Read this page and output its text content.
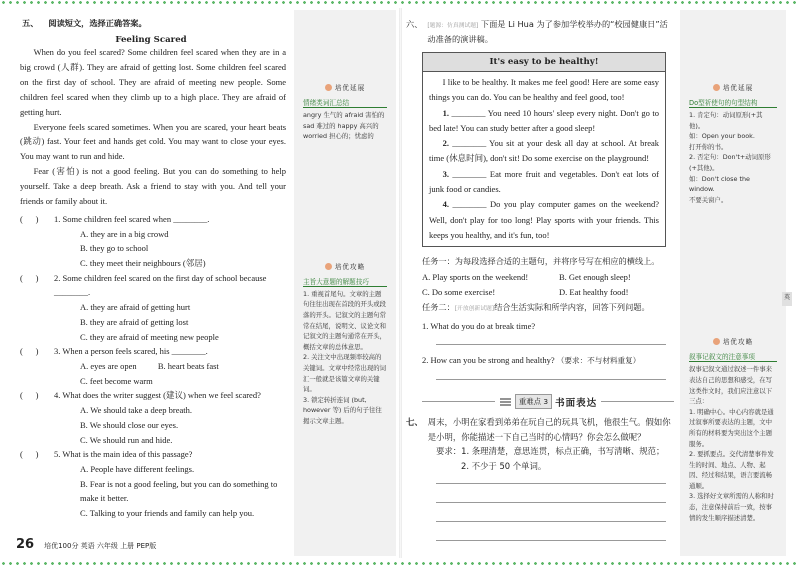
五、 阅读短文，选择正确答案。
Feeling Scared

When do you feel scared? Some children feel scared when they are in a big crowd (人群). They are afraid of getting lost. Some children feel scared on the first day of school. They are afraid of meeting new people. Some children feel scared when they climb up to a high place. They are afraid of getting hurt.

Everyone feels scared sometimes. When you are scared, your heart beats (跳动) fast. Your feet and hands get cold. You may want to close your eyes. You may want to run and hide.

Fear (害怕) is not a good feeling. But you can do something to help yourself. Take a deep breath. Ask a friend to stay with you. And tell your friends or family about it.

(      )	1. Some children feel scared when ________.
A. they are in a big crowd
B. they go to school
C. they meet their neighbours (邻居)
(      )	2. Some children feel scared on the first day of school because ________.
A. they are afraid of getting hurt
B. they are afraid of getting lost
C. they are afraid of meeting new people
(      )	3. When a person feels scared, his ________.
A. eyes are open          B. heart beats fast
C. feet become warm
(      )	4. What does the writer suggest (建议) when we feel scared?
A. We should take a deep breath.
B. We should close our eyes.
C. We should run and hide.
(      )	5. What is the main idea of this passage?
A. People have different feelings.
B. Fear is not a good feeling, but you can do something to make it better.
C. Talking to your friends and family can help you.
26 培优100分 英语 六年级 上册 PEP版
培优延展
情绪类词汇总结

angry 生气的 afraid 害怕的

sad 难过的 happy 高兴的

worried 担心的；忧虑的

培优攻略
主旨大意题的解题技巧

1. 重视首尾句。文章的主题句往往出现在首段的开头或段落的开头。记叙文的主题句常常在结尾，说明文、议论文和记叙文的主题句通常在开头，概括文章的总体意思。

2. 关注文中出现频率较高的关键词。文章中经常出现的词汇一般就是该篇文章的关键词。

3. 锁定转折连词 (but, however 等) 后的句子往往揭示文章主题。

六、 [题源：仿真测试题] 下面是 Li Hua 为了参加学校举办的“校园健康日”活动准备的演讲稿。
It's easy to be healthy!

I like to be healthy. It makes me feel good! Here are some easy things you can do. You can be healthy and feel good, too!

1. ________ You need 10 hours' sleep every night. Don't go to bed late! You can study better after a good sleep!

2. ________ You sit at your desk all day at school. At break time (休息时间), don't sit! Do some exercise on the playground!

3. ________ Eat more fruit and vegetables. Don't eat lots of junk food or candies.

4. ________ Do you play computer games on the weekend? Well, don't play for too long! Play sports with your friends. This keeps you healthy, and it's fun, too!

任务一：为每段选择合适的主题句，并将序号写在相应的横线上。
A. Play sports on the weekend!	B. Get enough sleep!
C. Do some exercise!	D. Eat healthy food!
任务二：[开放创新试题]结合生活实际和所学内容，回答下列问题。
1. What do you do at break time?
2. How can you be strong and healthy? （要求：不与材料重复）
重难点 3 书面表达
七、 周末，小明在家看到弟弟在玩自己的玩具飞机，他很生气。假如你是小明，你能描述一下自己当时的心情吗？你会怎么做呢？
要求：1. 条理清楚，意思连贯，标点正确，书写清晰、规范；
2. 不少于 50 个单词。
培优延展
Do型祈使句的句型结构

1. 肯定句：动词原形(+其他)。

如：Open your book.

打开你的书。

2. 否定句：Don't+动词原形(+其他)。

如：Don't close the window.

不要关窗户。

培优攻略
叙事记叙文的注意事项

叙事记叙文通过叙述一件事来表达自己的思想和感受，在写这类作文时，我们应注意以下三点：

1. 明确中心。中心内容就是通过叙事所要表达的主题，文中所有的材料要为突出这个主题服务。

2. 要抓要点。交代清楚事件发生的时间、地点、人物、起因、经过和结果，语言要流畅通顺。

3. 选择好文章所需的人称和时态，注意保持前后一致，按事情的发生顺序描述清楚。

英
